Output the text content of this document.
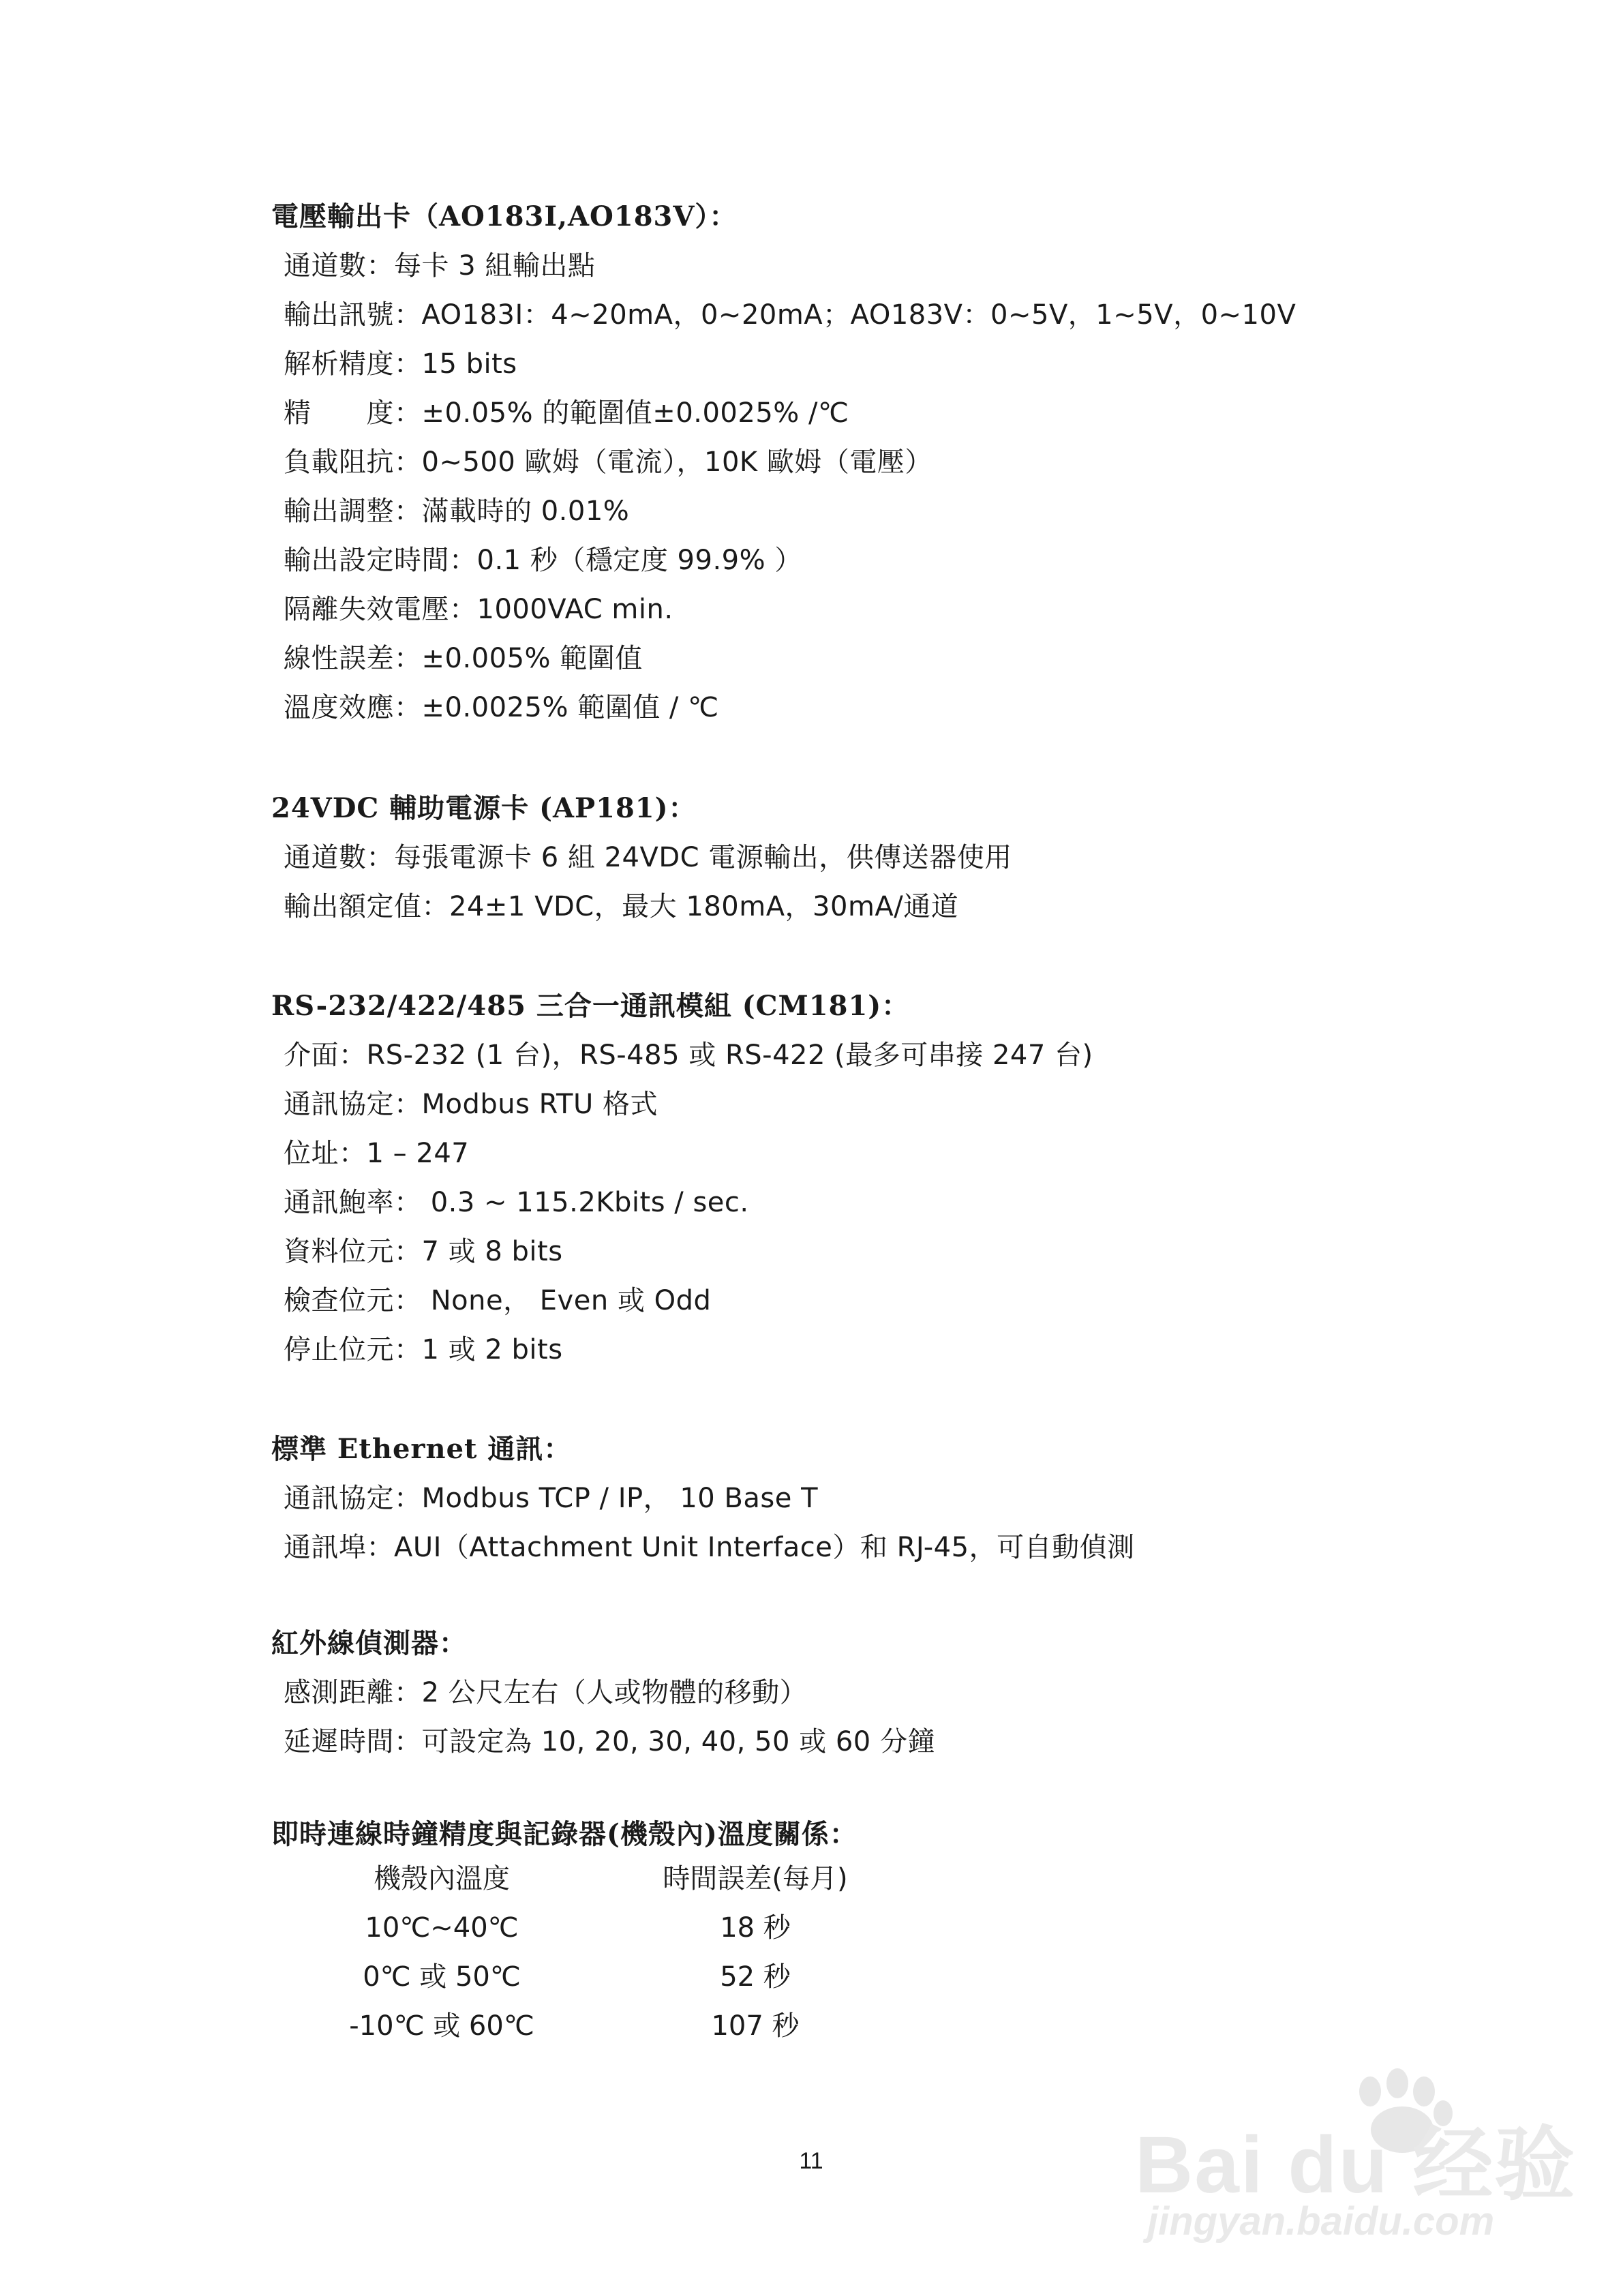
電壓輸出卡（AO183I,AO183V）：
通道數：每卡 3 組輸出點
輸出訊號：AO183I：4~20mA，0~20mA；AO183V：0~5V，1~5V，0~10V
解析精度：15 bits
精　　度：±0.05% 的範圍值±0.0025% /℃
負載阻抗：0~500 歐姆（電流），10K 歐姆（電壓）
輸出調整：滿載時的 0.01%
輸出設定時間：0.1 秒（穩定度 99.9% ）
隔離失效電壓：1000VAC min.
線性誤差：±0.005% 範圍值
溫度效應：±0.0025% 範圍值 / ℃
24VDC 輔助電源卡 (AP181)：
通道數：每張電源卡 6 組 24VDC 電源輸出，供傳送器使用
輸出額定值：24±1 VDC，最大 180mA，30mA/通道
RS-232/422/485 三合一通訊模組 (CM181)：
介面：RS-232 (1 台)，RS-485 或 RS-422 (最多可串接 247 台)
通訊協定：Modbus RTU 格式
位址：1 – 247
通訊鮑率： 0.3 ~ 115.2Kbits / sec.
資料位元：7 或 8 bits
檢查位元： None， Even 或 Odd
停止位元：1 或 2 bits
標準 Ethernet 通訊：
通訊協定：Modbus TCP / IP， 10 Base T
通訊埠：AUI（Attachment Unit Interface）和 RJ-45，可自動偵測
紅外線偵測器：
感測距離：2 公尺左右（人或物體的移動）
延遲時間：可設定為 10, 20, 30, 40, 50 或 60 分鐘
即時連線時鐘精度與記錄器(機殼內)溫度關係：
機殼內溫度	時間誤差(每月)
10℃~40℃	18 秒
0℃ 或 50℃	52 秒
-10℃ 或 60℃	107 秒
11	Bai du 经验
jingyan.baidu.com
